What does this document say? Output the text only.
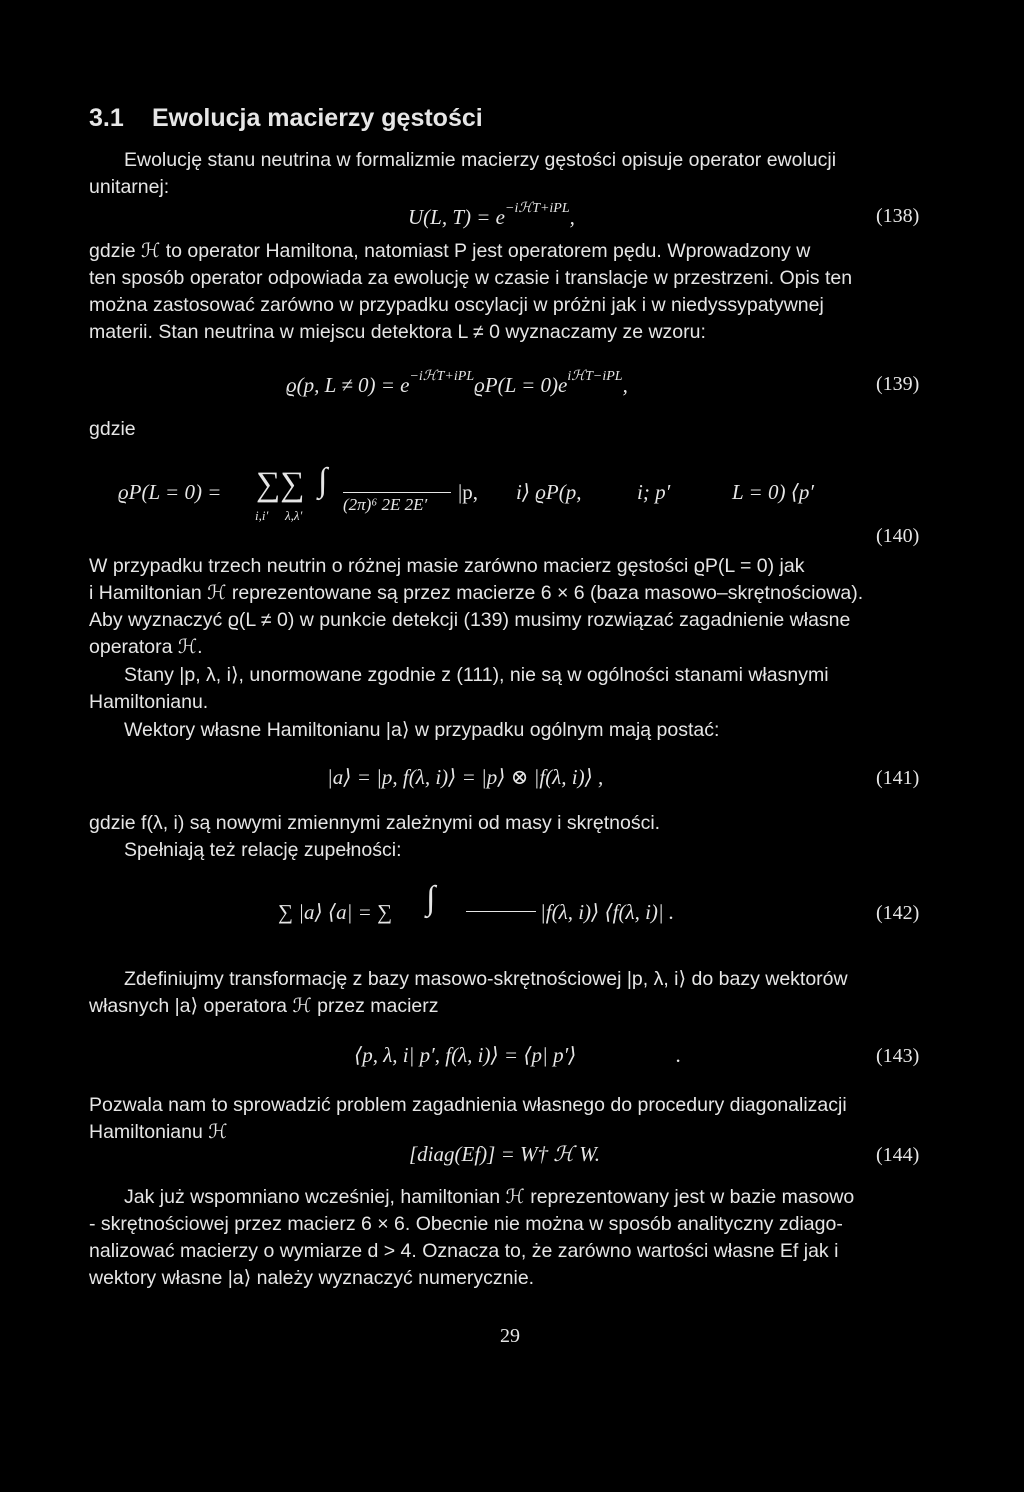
3.1 Ewolucja macierzy gęstości
Ewolucję stanu neutrina w formalizmie macierzy gęstości opisuje operator ewolucji
unitarnej:
U(L, $T) = e^{-iℋT+iPL}$,	(138)
gdzie ℋ to operator Hamiltona, natomiast P jest operatorem pędu. Wprowadzony w
ten sposób operator odpowiada za ewolucję w czasie i translacje w przestrzeni. Opis ten
można zastosować zarówno w przypadku oscylacji w próżni jak i w niedyssypatywnej
materii. Stan neutrina w miejscu detektora L ≠ 0 wyznaczamy ze wzoru:
ϱ(p, $L \ne 0) = e^{-iℋT+iPL}ϱP(L = 0)e^{iℋT-iPL}$,	(139)
gdzie
ϱP(L = 0) = ∑∑ ∫
i,i′ λ,λ′
(2π)⁶ 2E 2E′
|p, i⟩ ϱP(p,	i; p′	L = 0) ⟨p′
(140)
W przypadku trzech neutrin o różnej masie zarówno macierz gęstości ϱP(L = 0) jak
i Hamiltonian ℋ reprezentowane są przez macierze 6 × 6 (baza masowo–skrętnościowa).
Aby wyznaczyć ϱ(L ≠ 0) w punkcie detekcji (139) musimy rozwiązać zagadnienie własne
operatora ℋ.
Stany |p, λ, i⟩, unormowane zgodnie z (111), nie są w ogólności stanami własnymi
Hamiltonianu.
Wektory własne Hamiltonianu |a⟩ w przypadku ogólnym mają postać:
|a⟩ = |p, f(λ, i)⟩ = |p⟩ ⊗ |f(λ, i)⟩ ,	(141)
gdzie f(λ, i) są nowymi zmiennymi zależnymi od masy i skrętności.
Spełniają też relację zupełności:
∑ |a⟩ ⟨a| = ∑ ∫	|f(λ, i)⟩ ⟨f(λ, i)| .	(142)
Zdefiniujmy transformację z bazy masowo-skrętnościowej |p, λ, i⟩ do bazy wektorów
własnych |a⟩ operatora ℋ przez macierz
⟨p, λ, i| p′, f(λ, i)⟩ = ⟨p| p′⟩	.	(143)
Pozwala nam to sprowadzić problem zagadnienia własnego do procedury diagonalizacji
Hamiltonianu ℋ
[diag(Ef)] = W† ℋ W.	(144)
Jak już wspomniano wcześniej, hamiltonian ℋ reprezentowany jest w bazie masowo
- skrętnościowej przez macierz 6 × 6. Obecnie nie można w sposób analityczny zdiago-
nalizować macierzy o wymiarze d > 4. Oznacza to, że zarówno wartości własne Ef jak i
wektory własne |a⟩ należy wyznaczyć numerycznie.
29
